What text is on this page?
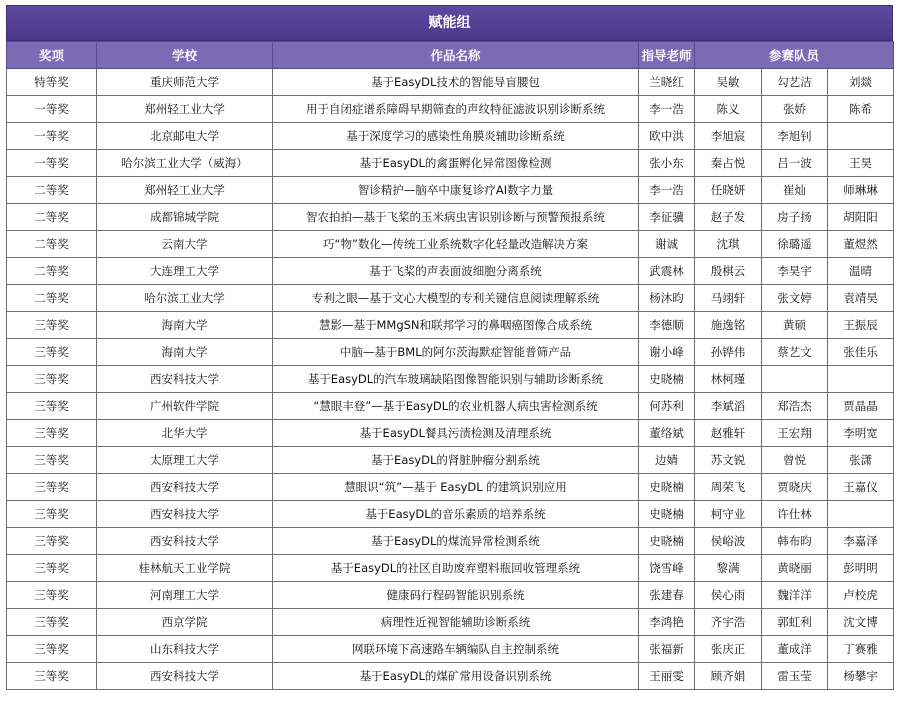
赋能组
奖项	学校	作品名称	指导老师	参赛队员		
特等奖	重庆师范大学	基于EasyDL技术的智能导盲腰包	兰晓红	吴敏	勾艺洁	刘燚
一等奖	郑州轻工业大学	用于自闭症谱系障碍早期筛查的声纹特征滤波识别诊断系统	李一浩	陈义	张娇	陈希
一等奖	北京邮电大学	基于深度学习的感染性角膜炎辅助诊断系统	欧中洪	李旭宸	李旭钊	
一等奖	哈尔滨工业大学（威海）	基于EasyDL的禽蛋孵化异常图像检测	张小东	秦占悦	吕一波	王昊
二等奖	郑州轻工业大学	智诊精护—脑卒中康复诊疗AI数字力量	李一浩	任晓妍	崔灿	师琳琳
二等奖	成都锦城学院	智农拍拍—基于飞桨的玉米病虫害识别诊断与预警预报系统	李征骥	赵子发	房子扬	胡阳阳
二等奖	云南大学	巧“物”数化—传统工业系统数字化轻量改造解决方案	谢诚	沈琪	徐璐遥	董煜然
二等奖	大连理工大学	基于飞桨的声表面波细胞分离系统	武震林	殷棋云	李昊宇	温晴
二等奖	哈尔滨工业大学	专利之眼—基于文心大模型的专利关键信息阅读理解系统	杨沐昀	马翊轩	张文婷	袁靖昊
三等奖	海南大学	慧影—基于MMgSN和联邦学习的鼻咽癌图像合成系统	李德顺	施逸铭	黄硕	王振辰
三等奖	海南大学	中脑—基于BML的阿尔茨海默症智能普筛产品	谢小峰	孙铧伟	蔡艺文	张佳乐
三等奖	西安科技大学	基于EasyDL的汽车玻璃缺陷图像智能识别与辅助诊断系统	史晓楠	林柯瑾		
三等奖	广州软件学院	“慧眼丰登”—基于EasyDL的农业机器人病虫害检测系统	何苏利	李斌滔	郑浩杰	贾晶晶
三等奖	北华大学	基于EasyDL餐具污渍检测及清理系统	董络斌	赵雅轩	王宏翔	李明宽
三等奖	太原理工大学	基于EasyDL的肾脏肿瘤分割系统	边婧	苏文锐	曾悦	张潇
三等奖	西安科技大学	慧眼识“筑”—基于 EasyDL 的建筑识别应用	史晓楠	周荣飞	贾晓庆	王嘉仪
三等奖	西安科技大学	基于EasyDL的音乐素质的培养系统	史晓楠	柯守业	许仕林	
三等奖	西安科技大学	基于EasyDL的煤流异常检测系统	史晓楠	侯峪波	韩布昀	李嘉泽
三等奖	桂林航天工业学院	基于EasyDL的社区自助废弃塑料瓶回收管理系统	饶雪峰	黎满	黄晓丽	彭明明
三等奖	河南理工大学	健康码行程码智能识别系统	张建春	侯心雨	魏洋洋	卢校虎
三等奖	西京学院	病理性近视智能辅助诊断系统	李鸿艳	齐宇浩	郭虹利	沈文博
三等奖	山东科技大学	网联环境下高速路车辆编队自主控制系统	张福新	张庆正	董成洋	丁赛雅
三等奖	西安科技大学	基于EasyDL的煤矿常用设备识别系统	王丽雯	顾齐娟	雷玉莹	杨攀宇
